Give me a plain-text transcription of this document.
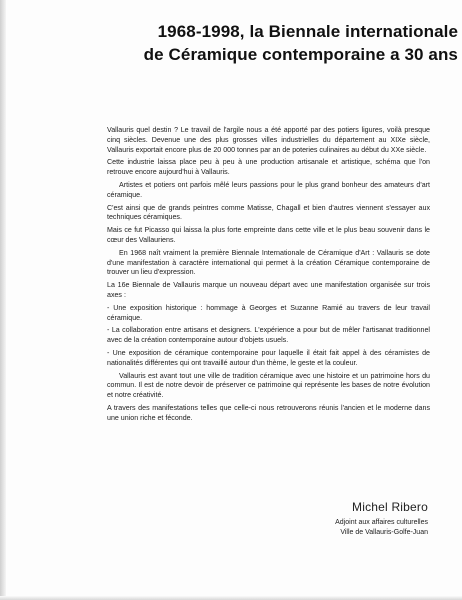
1968-1998, la Biennale internationale
de Céramique contemporaine a 30 ans

Vallauris quel destin ? Le travail de l'argile nous a été apporté par des potiers ligures, voilà presque cinq siècles. Devenue une des plus grosses villes industrielles du département au XIXe siècle, Vallauris exportait encore plus de 20 000 tonnes par an de poteries culinaires au début du XXe siècle.

Cette industrie laissa place peu à peu à une production artisanale et artistique, schéma que l'on retrouve encore aujourd'hui à Vallauris.

Artistes et potiers ont parfois mêlé leurs passions pour le plus grand bonheur des amateurs d'art céramique.

C'est ainsi que de grands peintres comme Matisse, Chagall et bien d'autres viennent s'essayer aux techniques céramiques.

Mais ce fut Picasso qui laissa la plus forte empreinte dans cette ville et le plus beau souvenir dans le cœur des Vallauriens.

En 1968 naît vraiment la première Biennale Internationale de Céramique d'Art : Vallauris se dote d'une manifestation à caractère international qui permet à la création Céramique contemporaine de trouver un lieu d'expression.

La 16e Biennale de Vallauris marque un nouveau départ avec une manifestation organisée sur trois axes :

- Une exposition historique : hommage à Georges et Suzanne Ramié au travers de leur travail céramique.

- La collaboration entre artisans et designers. L'expérience a pour but de mêler l'artisanat traditionnel avec de la création contemporaine autour d'objets usuels.

- Une exposition de céramique contemporaine pour laquelle il était fait appel à des céramistes de nationalités différentes qui ont travaillé autour d'un thème, le geste et la couleur.

Vallauris est avant tout une ville de tradition céramique avec une histoire et un patrimoine hors du commun. Il est de notre devoir de préserver ce patrimoine qui représente les bases de notre évolution et notre créativité.

A travers des manifestations telles que celle-ci nous retrouverons réunis l'ancien et le moderne dans une union riche et féconde.

Michel Ribero
Adjoint aux affaires culturelles
Ville de Vallauris-Golfe-Juan
